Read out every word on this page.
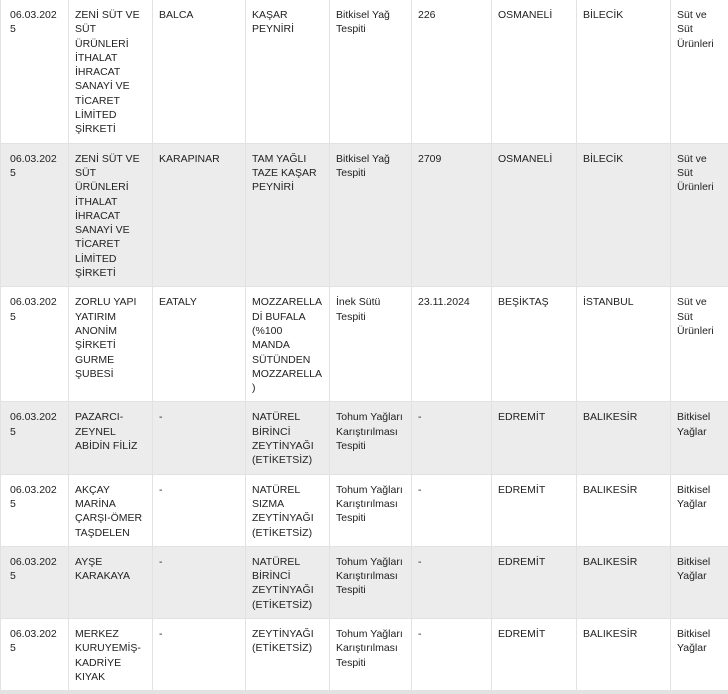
06.03.2025	ZENİ SÜT VE SÜT ÜRÜNLERİ İTHALAT İHRACAT SANAYİ VE TİCARET LİMİTED ŞİRKETİ	BALCA	KAŞAR PEYNİRİ	Bitkisel Yağ Tespiti	226	OSMANELİ	BİLECİK	Süt ve Süt Ürünleri
06.03.2025	ZENİ SÜT VE SÜT ÜRÜNLERİ İTHALAT İHRACAT SANAYİ VE TİCARET LİMİTED ŞİRKETİ	KARAPINAR	TAM YAĞLI TAZE KAŞAR PEYNİRİ	Bitkisel Yağ Tespiti	2709	OSMANELİ	BİLECİK	Süt ve Süt Ürünleri
06.03.2025	ZORLU YAPI YATIRIM ANONİM ŞİRKETİ GURME ŞUBESİ	EATALY	MOZZARELLA Dİ BUFALA (%100 MANDA SÜTÜNDEN MOZZARELLA)	İnek Sütü Tespiti	23.11.2024	BEŞİKTAŞ	İSTANBUL	Süt ve Süt Ürünleri
06.03.2025	PAZARCI-ZEYNEL ABİDİN FİLİZ	-	NATÜREL BİRİNCİ ZEYTİNYAĞI (ETİKETSİZ)	Tohum Yağları Karıştırılması Tespiti	-	EDREMİT	BALIKESİR	Bitkisel Yağlar
06.03.2025	AKÇAY MARİNA ÇARŞI-ÖMER TAŞDELEN	-	NATÜREL SIZMA ZEYTİNYAĞI (ETİKETSİZ)	Tohum Yağları Karıştırılması Tespiti	-	EDREMİT	BALIKESİR	Bitkisel Yağlar
06.03.2025	AYŞE KARAKAYA	-	NATÜREL BİRİNCİ ZEYTİNYAĞI (ETİKETSİZ)	Tohum Yağları Karıştırılması Tespiti	-	EDREMİT	BALIKESİR	Bitkisel Yağlar
06.03.2025	MERKEZ KURUYEMİŞ-KADRİYE KIYAK	-	ZEYTİNYAĞI (ETİKETSİZ)	Tohum Yağları Karıştırılması Tespiti	-	EDREMİT	BALIKESİR	Bitkisel Yağlar
